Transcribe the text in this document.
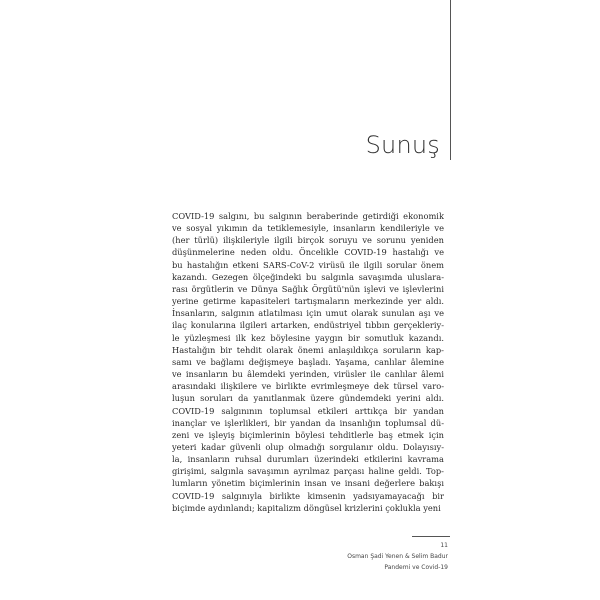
Sunuş
COVID-19 salgını, bu salgının beraberinde getirdiği ekonomik
ve sosyal yıkımın da tetiklemesiyle, insanların kendileriyle ve
(her türlü) ilişkileriyle ilgili birçok soruyu ve sorunu yeniden
düşünmelerine neden oldu. Öncelikle COVID-19 hastalığı ve
bu hastalığın etkeni SARS-CoV-2 virüsü ile ilgili sorular önem
kazandı. Gezegen ölçeğindeki bu salgınla savaşımda uluslara-
rası örgütlerin ve Dünya Sağlık Örgütü'nün işlevi ve işlevlerini
yerine getirme kapasiteleri tartışmaların merkezinde yer aldı.
İnsanların, salgının atlatılması için umut olarak sunulan aşı ve
ilaç konularına ilgileri artarken, endüstriyel tıbbın gerçekleriy-
le yüzleşmesi ilk kez böylesine yaygın bir somutluk kazandı.
Hastalığın bir tehdit olarak önemi anlaşıldıkça soruların kap-
samı ve bağlamı değişmeye başladı. Yaşama, canlılar âlemine
ve insanların bu âlemdeki yerinden, virüsler ile canlılar âlemi
arasındaki ilişkilere ve birlikte evrimleşmeye dek türsel varo-
luşun soruları da yanıtlanmak üzere gündemdeki yerini aldı.
COVID-19 salgınının toplumsal etkileri arttıkça bir yandan
inançlar ve işlerlikleri, bir yandan da insanlığın toplumsal dü-
zeni ve işleyiş biçimlerinin böylesi tehditlerle baş etmek için
yeteri kadar güvenli olup olmadığı sorgulanır oldu. Dolayısıy-
la, insanların ruhsal durumları üzerindeki etkilerini kavrama
girişimi, salgınla savaşımın ayrılmaz parçası haline geldi. Top-
lumların yönetim biçimlerinin insan ve insani değerlere bakışı
COVID-19 salgınıyla birlikte kimsenin yadsıyamayacağı bir
biçimde aydınlandı; kapitalizm döngüsel krizlerini çoklukla yeni
11
Osman Şadi Yenen & Selim Badur
Pandemi ve Covid-19
